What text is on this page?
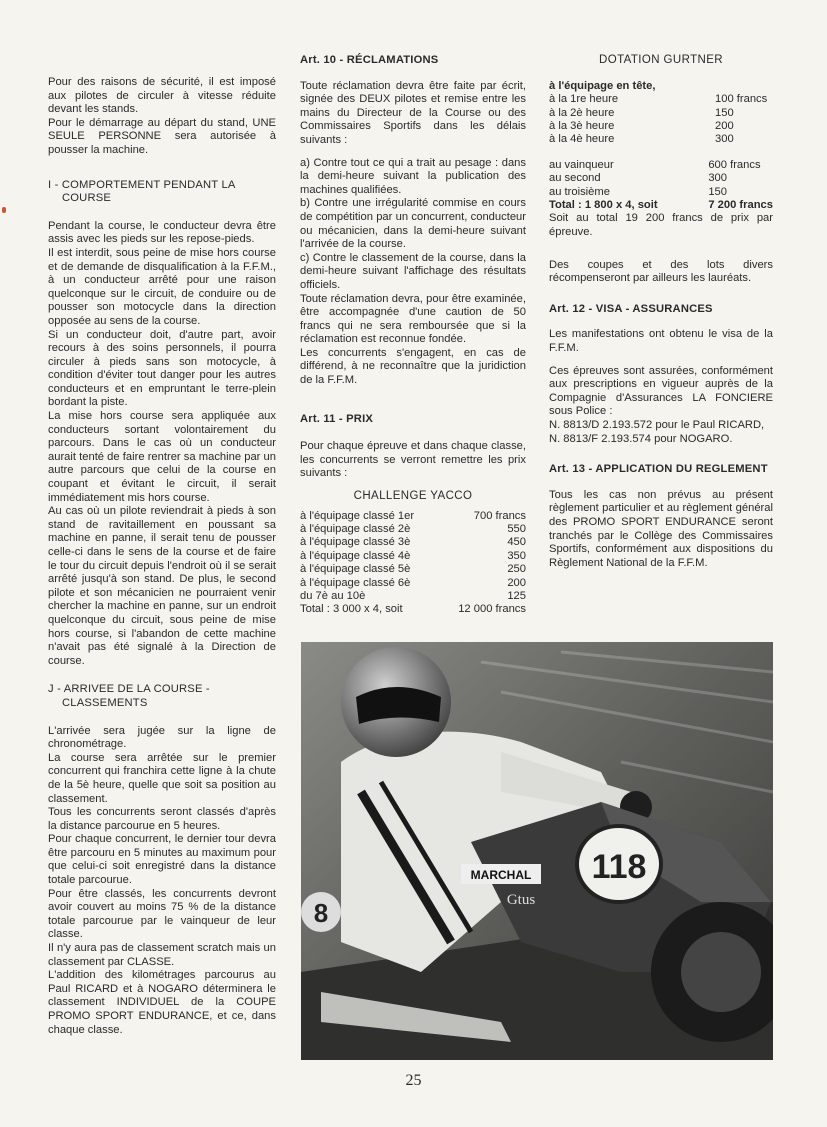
Pour des raisons de sécurité, il est imposé aux pilotes de circuler à vitesse réduite devant les stands.

Pour le démarrage au départ du stand, UNE SEULE PERSONNE sera autorisée à pousser la machine.

I - COMPORTEMENT PENDANT LA COURSE

Pendant la course, le conducteur devra être assis avec les pieds sur les repose-pieds.

Il est interdit, sous peine de mise hors course et de demande de disqualification à la F.F.M., à un conducteur arrêté pour une raison quelconque sur le circuit, de conduire ou de pousser son motocycle dans la direction opposée au sens de la course.

Si un conducteur doit, d'autre part, avoir recours à des soins personnels, il pourra circuler à pieds sans son motocycle, à condition d'éviter tout danger pour les autres conducteurs et en empruntant le terre-plein bordant la piste.

La mise hors course sera appliquée aux conducteurs sortant volontairement du parcours. Dans le cas où un conducteur aurait tenté de faire rentrer sa machine par un autre parcours que celui de la course en coupant et évitant le circuit, il serait immédiatement mis hors course.

Au cas où un pilote reviendrait à pieds à son stand de ravitaillement en poussant sa machine en panne, il serait tenu de pousser celle-ci dans le sens de la course et de faire le tour du circuit depuis l'endroit où il se serait arrêté jusqu'à son stand. De plus, le second pilote et son mécanicien ne pourraient venir chercher la machine en panne, sur un endroit quelconque du circuit, sous peine de mise hors course, si l'abandon de cette machine n'avait pas été signalé à la Direction de course.

J - ARRIVEE DE LA COURSE - CLASSEMENTS

L'arrivée sera jugée sur la ligne de chronométrage.

La course sera arrêtée sur le premier concurrent qui franchira cette ligne à la chute de la 5è heure, quelle que soit sa position au classement.

Tous les concurrents seront classés d'après la distance parcourue en 5 heures.

Pour chaque concurrent, le dernier tour devra être parcouru en 5 minutes au maximum pour que celui-ci soit enregistré dans la distance totale parcourue.

Pour être classés, les concurrents devront avoir couvert au moins 75 % de la distance totale parcourue par le vainqueur de leur classe.

Il n'y aura pas de classement scratch mais un classement par CLASSE.

L'addition des kilométrages parcourus au Paul RICARD et à NOGARO déterminera le classement INDIVIDUEL de la COUPE PROMO SPORT ENDURANCE, et ce, dans chaque classe.

Art. 10 - RÉCLAMATIONS

Toute réclamation devra être faite par écrit, signée des DEUX pilotes et remise entre les mains du Directeur de la Course ou des Commissaires Sportifs dans les délais suivants :

a) Contre tout ce qui a trait au pesage : dans la demi-heure suivant la publication des machines qualifiées.

b) Contre une irrégularité commise en cours de compétition par un concurrent, conducteur ou mécanicien, dans la demi-heure suivant l'arrivée de la course.

c) Contre le classement de la course, dans la demi-heure suivant l'affichage des résultats officiels.

Toute réclamation devra, pour être examinée, être accompagnée d'une caution de 50 francs qui ne sera remboursée que si la réclamation est reconnue fondée.

Les concurrents s'engagent, en cas de différend, à ne reconnaître que la juridiction de la F.F.M.

Art. 11 - PRIX

Pour chaque épreuve et dans chaque classe, les concurrents se verront remettre les prix suivants :

CHALLENGE YACCO
à l'équipage classé 1er	700 francs
à l'équipage classé 2è	550
à l'équipage classé 3è	450
à l'équipage classé 4è	350
à l'équipage classé 5è	250
à l'équipage classé 6è	200
du 7è au 10è	125
Total : 3 000 x 4, soit	12 000 francs
DOTATION GURTNER
à l'équipage en tête,
à la 1re heure	100 francs
à la 2è heure	150
à la 3è heure	200
à la 4è heure	300
au vainqueur	600 francs
au second	300
au troisième	150
Total : 1 800 x 4, soit	7 200 francs

Soit au total 19 200 francs de prix par épreuve.

Des coupes et des lots divers récompenseront par ailleurs les lauréats.

Art. 12 - VISA - ASSURANCES

Les manifestations ont obtenu le visa de la F.F.M.

Ces épreuves sont assurées, conformément aux prescriptions en vigueur auprès de la Compagnie d'Assurances LA FONCIERE sous Police :

N. 8813/D 2.193.572 pour le Paul RICARD,

N. 8813/F 2.193.574 pour NOGARO.

Art. 13 - APPLICATION DU REGLEMENT

Tous les cas non prévus au présent règlement particulier et au règlement général des PROMO SPORT ENDURANCE seront tranchés par le Collège des Commissaires Sportifs, conformément aux dispositions du Règlement National de la F.F.M.

118
MARCHAL
Gtus
8
25
